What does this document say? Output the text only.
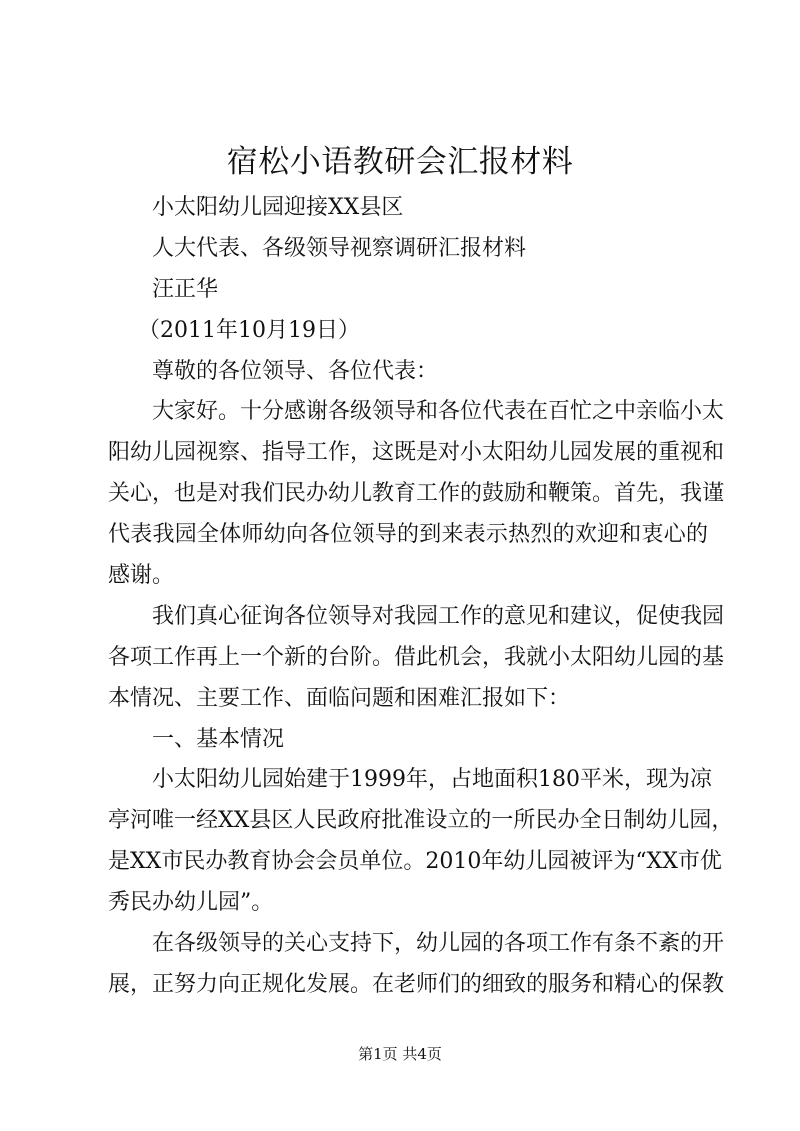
宿松小语教研会汇报材料
小太阳幼儿园迎接XX县区
人大代表、各级领导视察调研汇报材料
汪正华
（2011年10月19日）
尊敬的各位领导、各位代表：
大家好。十分感谢各级领导和各位代表在百忙之中亲临小太
阳幼儿园视察、指导工作，这既是对小太阳幼儿园发展的重视和
关心，也是对我们民办幼儿教育工作的鼓励和鞭策。首先，我谨
代表我园全体师幼向各位领导的到来表示热烈的欢迎和衷心的
感谢。
我们真心征询各位领导对我园工作的意见和建议，促使我园
各项工作再上一个新的台阶。借此机会，我就小太阳幼儿园的基
本情况、主要工作、面临问题和困难汇报如下：
一、基本情况
小太阳幼儿园始建于1999年，占地面积180平米，现为凉
亭河唯一经XX县区人民政府批准设立的一所民办全日制幼儿园，
是XX市民办教育协会会员单位。2010年幼儿园被评为“XX市优
秀民办幼儿园”。
在各级领导的关心支持下，幼儿园的各项工作有条不紊的开
展，正努力向正规化发展。在老师们的细致的服务和精心的保教
第1页 共4页
